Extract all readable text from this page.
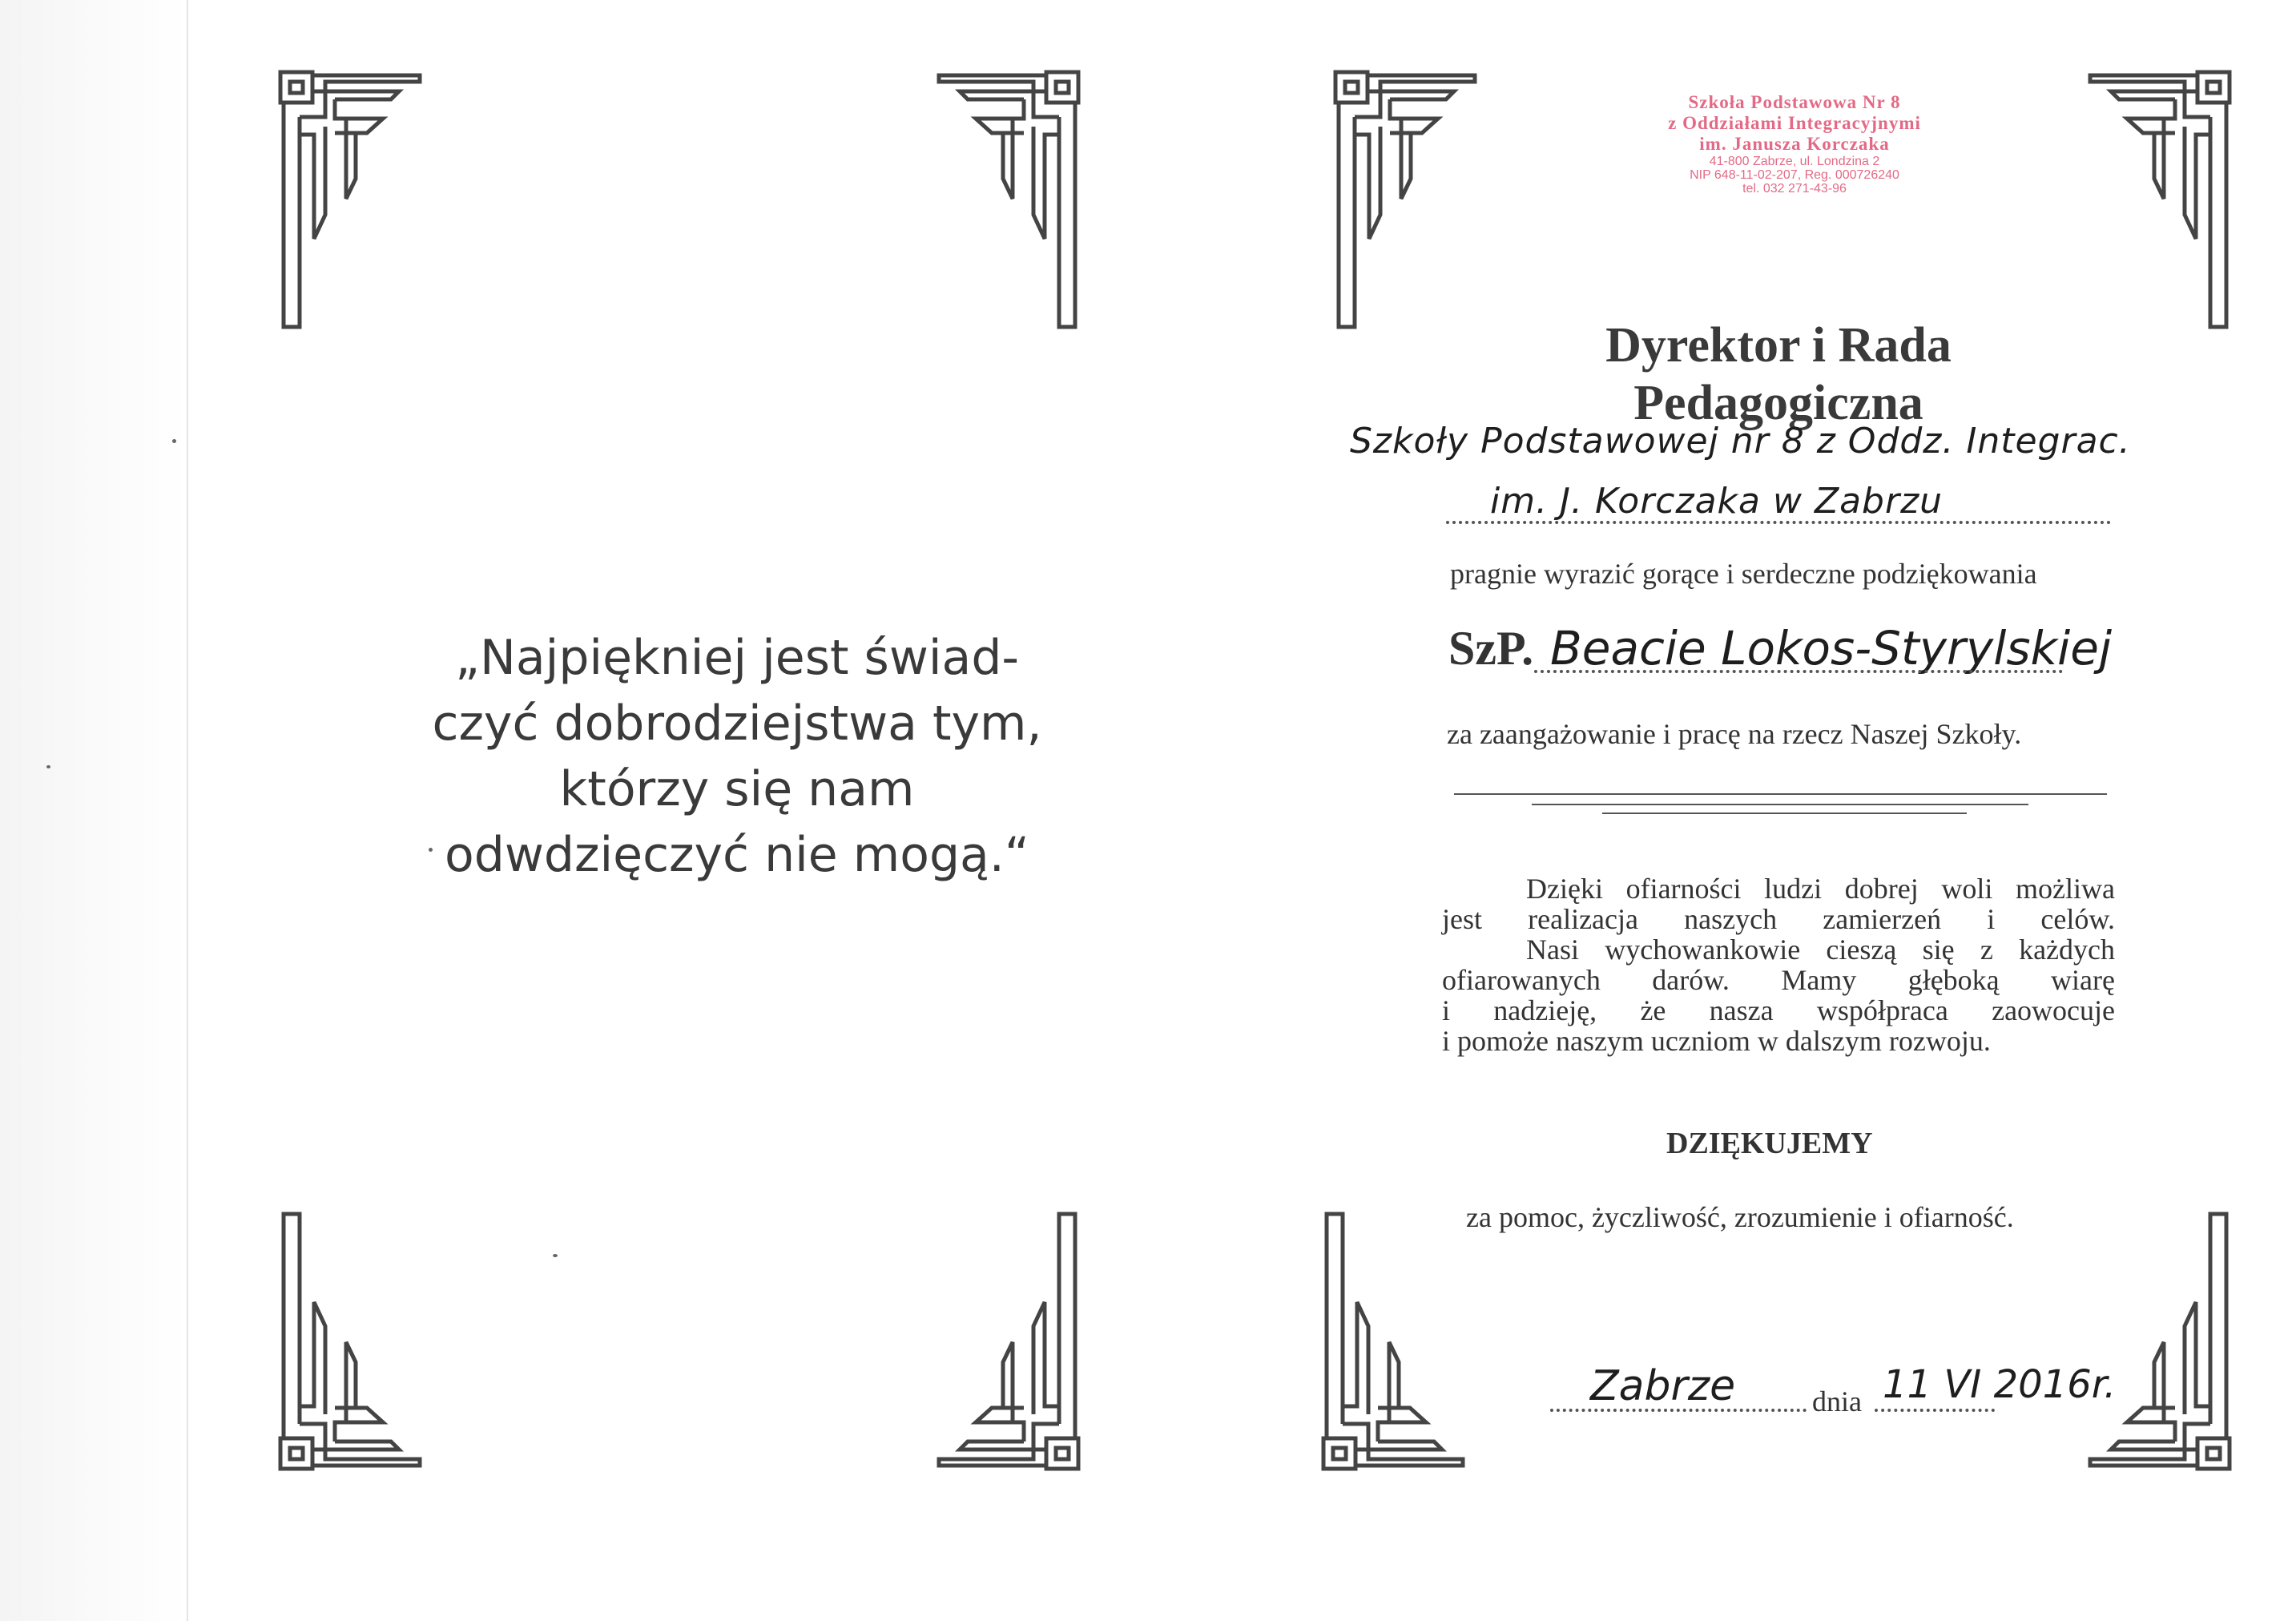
Szkoła Podstawowa Nr 8
z Oddziałami Integracyjnymi
im. Janusza Korczaka
41-800 Zabrze, ul. Londzina 2
NIP 648-11-02-207, Reg. 000726240
tel. 032 271-43-96
„Najpiękniej jest świad-
czyć dobrodziejstwa tym,
którzy się nam
odwdzięczyć nie mogą.“
Dyrektor i Rada
Pedagogiczna
Szkoły Podstawowej nr 8 z Oddz. Integrac.
im. J. Korczaka w Zabrzu
pragnie wyrazić gorące i serdeczne podziękowania
SzP. Beacie Lokos-Styrylskiej
za zaangażowanie i pracę na rzecz Naszej Szkoły.
Dzięki ofiarności ludzi dobrej woli możliwa
jest realizacja naszych zamierzeń i celów.
Nasi wychowankowie cieszą się z każdych
ofiarowanych darów. Mamy głęboką wiarę
i nadzieję, że nasza współpraca zaowocuje
i pomoże naszym uczniom w dalszym rozwoju.
DZIĘKUJEMY
za pomoc, życzliwość, zrozumienie i ofiarność.
Zabrze	dnia 11 VI 2016r.
